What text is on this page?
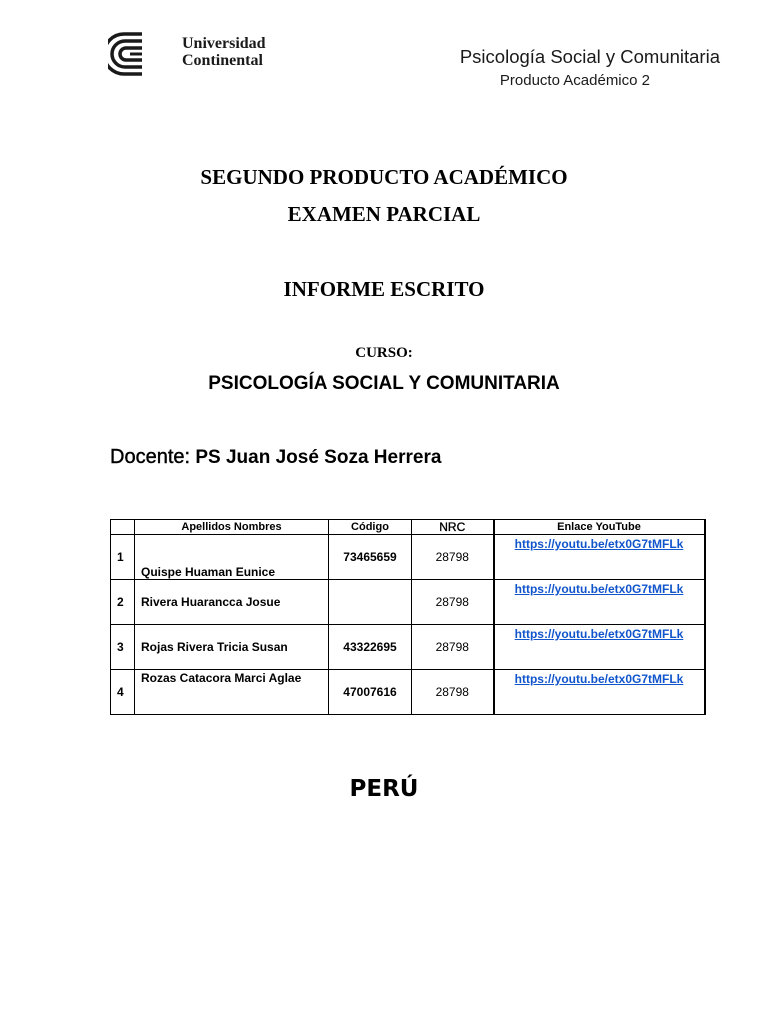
Universidad
Continental	Psicología Social y Comunitaria
Producto Académico 2
SEGUNDO PRODUCTO ACADÉMICO
EXAMEN PARCIAL
INFORME ESCRITO
CURSO:
PSICOLOGÍA SOCIAL Y COMUNITARIA
Docente: PS Juan José Soza Herrera
	Apellidos Nombres	Código	NRC	Enlace YouTube
1	Quispe Huaman Eunice	73465659	28798	https://youtu.be/etx0G7tMFLk
2	Rivera Huarancca Josue		28798	https://youtu.be/etx0G7tMFLk
3	Rojas Rivera Tricia Susan	43322695	28798	https://youtu.be/etx0G7tMFLk
4	Rozas Catacora Marci Aglae	47007616	28798	https://youtu.be/etx0G7tMFLk
PERÚ
